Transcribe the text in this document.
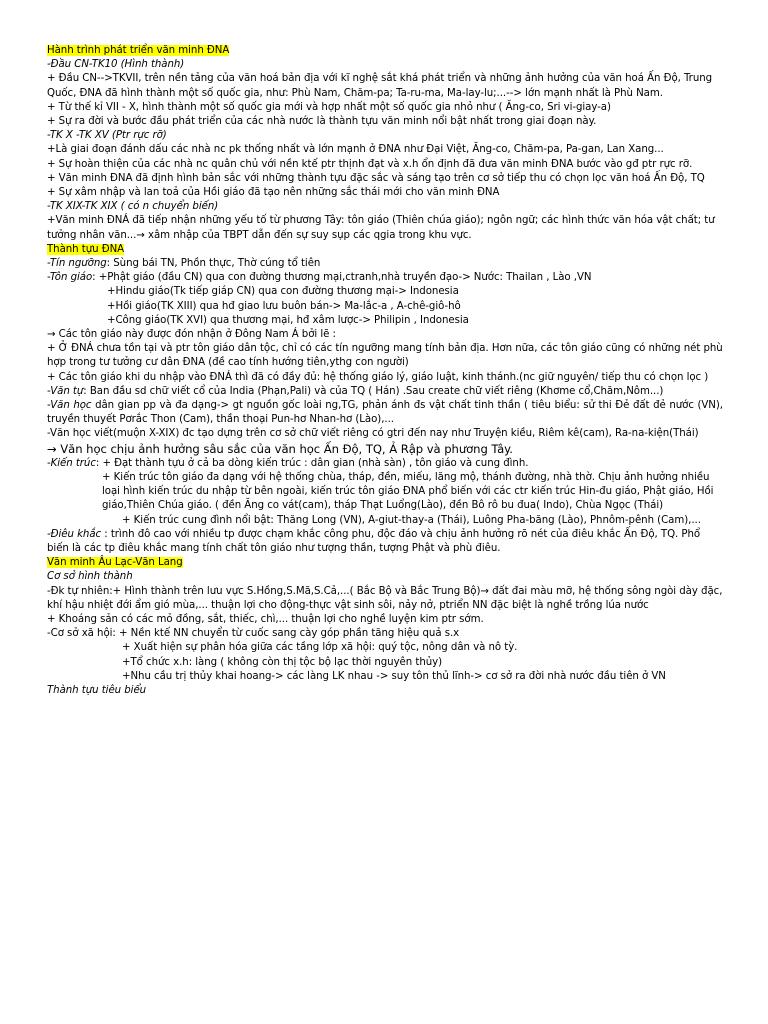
Hành trình phát triển văn minh ĐNA
-Đầu CN-TK10 (Hình thành)
+ Đầu CN-->TKVII, trên nền tảng của văn hoá bản địa với kĩ nghệ sắt khá phát triển và những ảnh hưởng của văn hoá Ấn Độ, Trung Quốc, ĐNA đã hình thành một số quốc gia, như: Phù Nam, Chăm-pa; Ta-ru-ma, Ma-lay-lu;...--> lớn mạnh nhất là Phù Nam.
+ Từ thế kỉ VII - X, hình thành một số quốc gia mới và hợp nhất một số quốc gia nhỏ như ( Ăng-co, Sri vi-giay-a)
+ Sự ra đời và bước đầu phát triển của các nhà nước là thành tựu văn minh nổi bật nhất trong giai đoạn này.
-TK X -TK XV (Ptr rực rỡ)
+Là giai đoạn đánh dấu các nhà nc pk thống nhất và lớn mạnh ở ĐNA như Đại Việt, Ăng-co, Chăm-pa, Pa-gan, Lan Xang...
+ Sự hoàn thiện của các nhà nc quân chủ với nền ktế ptr thịnh đạt và x.h ổn định đã đưa văn minh ĐNA bước vào gđ ptr rực rỡ.
+ Văn minh ĐNA đã định hình bản sắc với những thành tựu đặc sắc và sáng tạo trên cơ sở tiếp thu có chọn lọc văn hoá Ấn Độ, TQ
+ Sự xâm nhập và lan toả của Hồi giáo đã tạo nên những sắc thái mới cho văn minh ĐNA
-TK XIX-TK XIX ( có n chuyển biến)
+Văn minh ĐNÁ đã tiếp nhận những yếu tố từ phương Tây: tôn giáo (Thiên chúa giáo); ngôn ngữ; các hình thức văn hóa vật chất; tư tưởng nhân văn...→ xâm nhập của TBPT dẫn đến sự suy sụp các qgia trong khu vực.
Thành tựu ĐNA
-Tín ngưỡng: Sùng bái TN, Phồn thực, Thờ cúng tổ tiên
-Tôn giáo: +Phật giáo (đầu CN) qua con đường thương mại,ctranh,nhà truyền đạo-> Nước: Thailan , Lào ,VN
+Hindu giáo(Tk tiếp giáp CN) qua con đường thương mại-> Indonesia
+Hồi giáo(TK XIII) qua hđ giao lưu buôn bán-> Ma-lắc-a , A-chê-giô-hô
+Công giáo(TK XVI) qua thương mại, hđ xâm lược-> Philipin , Indonesia
→ Các tôn giáo này được đón nhận ở Đông Nam Á bởi lẽ :
+ Ở ĐNÁ chưa tồn tại và ptr tôn giáo dân tộc, chỉ có các tín ngưỡng mang tính bản địa. Hơn nữa, các tôn giáo cũng có những nét phù hợp trong tư tưởng cư dân ĐNA (đề cao tính hướng tiên,ythg con người)
+ Các tôn giáo khi du nhập vào ĐNÁ thì đã có đầy đủ: hệ thống giáo lý, giáo luật, kinh thánh.(nc giữ nguyên/ tiếp thu có chọn lọc )
-Văn tự: Ban đầu sd chữ viết cổ của India (Phạn,Pali) và của TQ ( Hán) .Sau create chữ viết riêng (Khơme cổ,Chăm,Nôm...)
-Văn học dân gian pp và đa dạng-> gt nguồn gốc loài ng,TG, phản ánh đs vật chất tinh thần ( tiêu biểu: sử thi Đẻ đất đẻ nước (VN), truyền thuyết Pơrắc Thon (Cam), thần thoại Pun-hơ Nhan-hơ (Lào),...
-Văn học viết(muộn X-XIX) đc tạo dựng trên cơ sở chữ viết riêng có gtri đến nay như Truyện kiều, Riêm kê(cam), Ra-na-kiện(Thái)
→ Văn học chịu ảnh hưởng sâu sắc của văn học Ấn Độ, TQ, Ả Rập và phương Tây.
-Kiến trúc: + Đạt thành tựu ở cả ba dòng kiến trúc : dân gian (nhà sàn) , tôn giáo và cung đình.
+ Kiến trúc tôn giáo đa dạng với hệ thống chùa, tháp, đền, miếu, lăng mộ, thánh đường, nhà thờ. Chịu ảnh hưởng nhiều loại hình kiến trúc du nhập từ bên ngoài, kiến trúc tôn giáo ĐNA phổ biến với các ctr kiến trúc Hin-đu giáo, Phật giáo, Hồi giáo,Thiên Chúa giáo. ( đền Ăng co vát(cam), tháp Thạt Luổng(Lào), đền Bô rô bu đua( Indo), Chùa Ngọc (Thái)
+ Kiến trúc cung đình nổi bật: Thăng Long (VN), A-giut-thay-a (Thái), Luông Pha-băng (Lào), Phnôm-pênh (Cam),...
-Điêu khắc : trình đô cao với nhiều tp được chạm khắc công phu, độc đáo và chịu ảnh hưởng rõ nét của điêu khắc Ấn Độ, TQ. Phổ biến là các tp điêu khắc mang tính chất tôn giáo như tượng thần, tượng Phật và phù điêu.
Văn minh Âu Lạc-Văn Lang
Cơ sở hình thành
-Đk tự nhiên:+ Hình thành trên lưu vực S.Hồng,S.Mã,S.Cả,...( Bắc Bộ và Bắc Trung Bộ)→ đất đai màu mỡ, hệ thống sông ngòi dày đặc, khí hậu nhiệt đới ẩm gió mùa,... thuận lợi cho động-thực vật sinh sôi, nảy nở, ptriển NN đặc biệt là nghề trồng lúa nước
+ Khoáng sản có các mỏ đồng, sắt, thiếc, chì,... thuận lợi cho nghề luyện kim ptr sớm.
-Cơ sở xã hội: + Nền ktế NN chuyển từ cuốc sang cày góp phần tăng hiệu quả s.x
+ Xuất hiện sự phân hóa giữa các tầng lớp xã hội: quý tộc, nông dân và nô tỳ.
+Tổ chức x.h: làng ( không còn thị tộc bộ lạc thời nguyên thủy)
+Nhu cầu trị thủy khai hoang-> các làng LK nhau -> suy tôn thủ lĩnh-> cơ sở ra đời nhà nước đầu tiên ở VN
Thành tựu tiêu biểu
